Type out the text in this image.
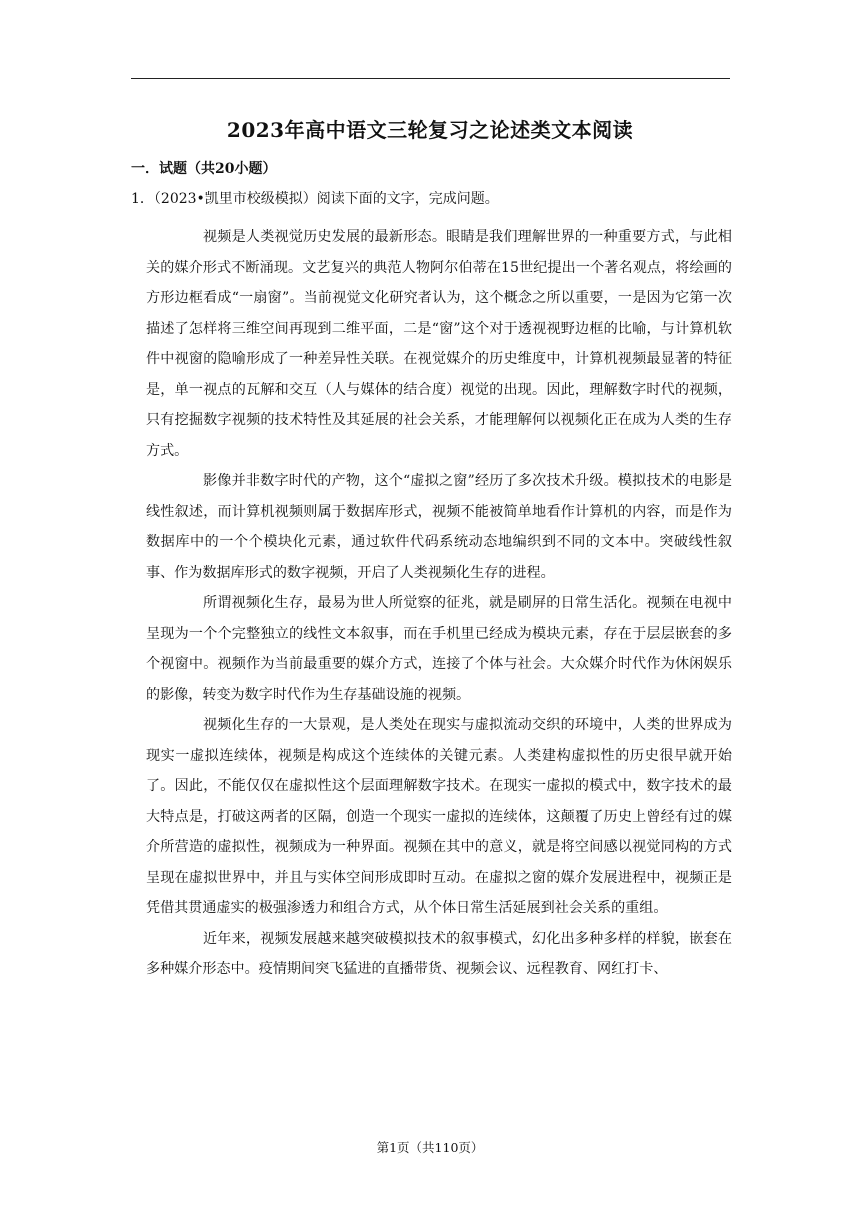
2023年高中语文三轮复习之论述类文本阅读
一．试题（共20小题）
1．（2023•凯里市校级模拟）阅读下面的文字，完成问题。

视频是人类视觉历史发展的最新形态。眼睛是我们理解世界的一种重要方式，与此相关的媒介形式不断涌现。文艺复兴的典范人物阿尔伯蒂在15世纪提出一个著名观点，将绘画的方形边框看成“一扇窗”。当前视觉文化研究者认为，这个概念之所以重要，一是因为它第一次描述了怎样将三维空间再现到二维平面，二是“窗”这个对于透视视野边框的比喻，与计算机软件中视窗的隐喻形成了一种差异性关联。在视觉媒介的历史维度中，计算机视频最显著的特征是，单一视点的瓦解和交互（人与媒体的结合度）视觉的出现。因此，理解数字时代的视频，只有挖掘数字视频的技术特性及其延展的社会关系，才能理解何以视频化正在成为人类的生存方式。

影像并非数字时代的产物，这个“虚拟之窗”经历了多次技术升级。模拟技术的电影是线性叙述，而计算机视频则属于数据库形式，视频不能被简单地看作计算机的内容，而是作为数据库中的一个个模块化元素，通过软件代码系统动态地编织到不同的文本中。突破线性叙事、作为数据库形式的数字视频，开启了人类视频化生存的进程。

所谓视频化生存，最易为世人所觉察的征兆，就是刷屏的日常生活化。视频在电视中呈现为一个个完整独立的线性文本叙事，而在手机里已经成为模块元素，存在于层层嵌套的多个视窗中。视频作为当前最重要的媒介方式，连接了个体与社会。大众媒介时代作为休闲娱乐的影像，转变为数字时代作为生存基础设施的视频。

视频化生存的一大景观，是人类处在现实与虚拟流动交织的环境中，人类的世界成为现实一虚拟连续体，视频是构成这个连续体的关键元素。人类建构虚拟性的历史很早就开始了。因此，不能仅仅在虚拟性这个层面理解数字技术。在现实一虚拟的模式中，数字技术的最大特点是，打破这两者的区隔，创造一个现实一虚拟的连续体，这颠覆了历史上曾经有过的媒介所营造的虚拟性，视频成为一种界面。视频在其中的意义，就是将空间感以视觉同构的方式呈现在虚拟世界中，并且与实体空间形成即时互动。在虚拟之窗的媒介发展进程中，视频正是凭借其贯通虚实的极强渗透力和组合方式，从个体日常生活延展到社会关系的重组。

近年来，视频发展越来越突破模拟技术的叙事模式，幻化出多种多样的样貌，嵌套在多种媒介形态中。疫情期间突飞猛进的直播带货、视频会议、远程教育、网红打卡、

第1页（共110页）
